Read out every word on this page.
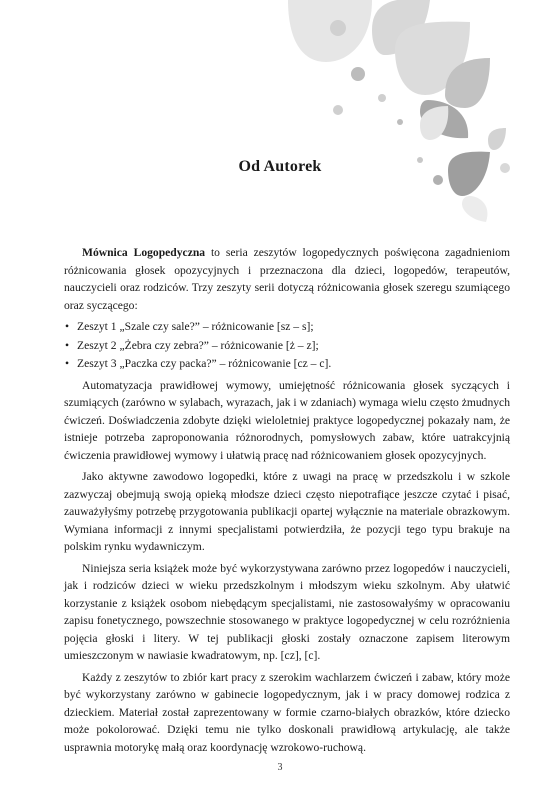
Od Autorek

Mównica Logopedyczna to seria zeszytów logopedycznych poświęcona zagadnieniom różnicowania głosek opozycyjnych i przeznaczona dla dzieci, logopedów, terapeutów, nauczycieli oraz rodziców. Trzy zeszyty serii dotyczą różnicowania głosek szeregu szumiącego oraz syczącego:

• Zeszyt 1 „Szale czy sale?” – różnicowanie [sz – s];
• Zeszyt 2 „Żebra czy zebra?” – różnicowanie [ż – z];
• Zeszyt 3 „Paczka czy packa?” – różnicowanie [cz – c].

Automatyzacja prawidłowej wymowy, umiejętność różnicowania głosek syczących i szumiących (zarówno w sylabach, wyrazach, jak i w zdaniach) wymaga wielu często żmudnych ćwiczeń. Doświadczenia zdobyte dzięki wieloletniej praktyce logopedycznej pokazały nam, że istnieje potrzeba zaproponowania różnorodnych, pomysłowych zabaw, które uatrakcyjnią ćwiczenia prawidłowej wymowy i ułatwią pracę nad różnicowaniem głosek opozycyjnych.

Jako aktywne zawodowo logopedki, które z uwagi na pracę w przedszkolu i w szkole zazwyczaj obejmują swoją opieką młodsze dzieci często niepotrafiące jeszcze czytać i pisać, zauważyłyśmy potrzebę przygotowania publikacji opartej wyłącznie na materiale obrazkowym. Wymiana informacji z innymi specjalistami potwierdziła, że pozycji tego typu brakuje na polskim rynku wydawniczym.

Niniejsza seria książek może być wykorzystywana zarówno przez logopedów i nauczycieli, jak i rodziców dzieci w wieku przedszkolnym i młodszym wieku szkolnym. Aby ułatwić korzystanie z książek osobom niebędącym specjalistami, nie zastosowałyśmy w opracowaniu zapisu fonetycznego, powszechnie stosowanego w praktyce logopedycznej w celu rozróżnienia pojęcia głoski i litery. W tej publikacji głoski zostały oznaczone zapisem literowym umieszczonym w nawiasie kwadratowym, np. [cz], [c].

Każdy z zeszytów to zbiór kart pracy z szerokim wachlarzem ćwiczeń i zabaw, który może być wykorzystany zarówno w gabinecie logopedycznym, jak i w pracy domowej rodzica z dzieckiem. Materiał został zaprezentowany w formie czarno-białych obrazków, które dziecko może pokolorować. Dzięki temu nie tylko doskonali prawidłową artykulację, ale także usprawnia motorykę małą oraz koordynację wzrokowo-ruchową.

3
